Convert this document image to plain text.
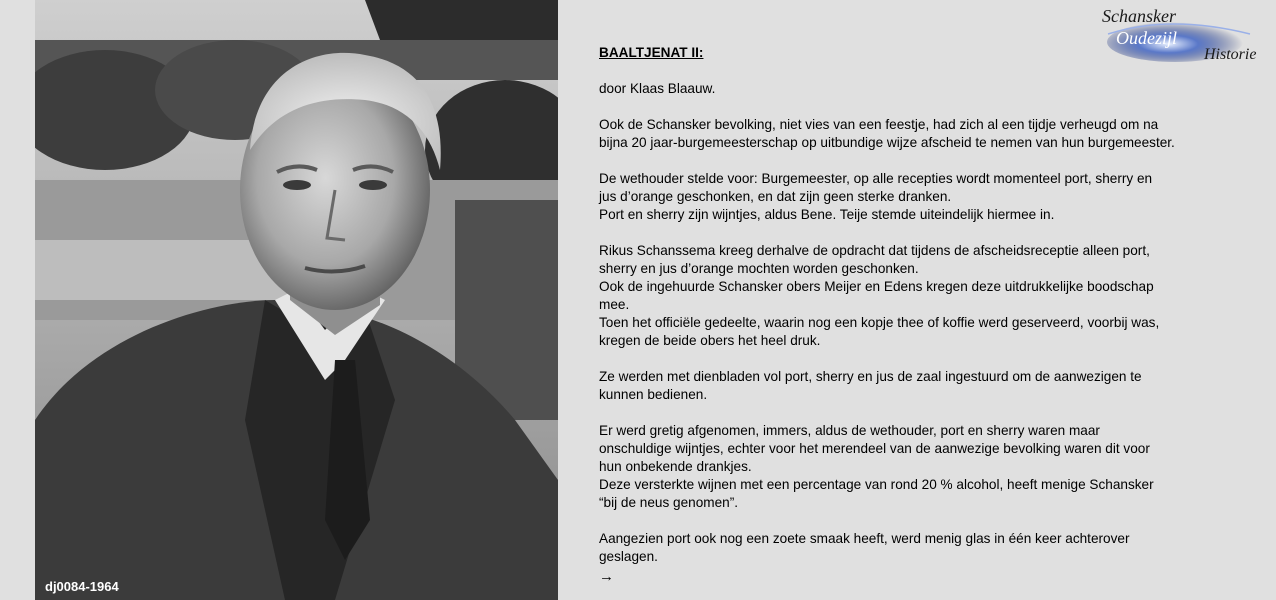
dj0084-1964
Schansker
Oudezijl
Historie

BAALTJENAT II:

door Klaas Blaauw.

Ook de Schansker bevolking, niet vies van een feestje, had zich al een tijdje verheugd om na
bijna 20 jaar-burgemeesterschap op uitbundige wijze afscheid te nemen van hun burgemeester.

De wethouder stelde voor: Burgemeester, op alle recepties wordt momenteel port, sherry en
jus d’orange geschonken, en dat zijn geen sterke dranken.
Port en sherry zijn wijntjes, aldus Bene. Teije stemde uiteindelijk hiermee in.

Rikus Schanssema kreeg derhalve de opdracht dat tijdens de afscheidsreceptie alleen port,
sherry en jus d’orange mochten worden geschonken.
Ook de ingehuurde Schansker obers Meijer en Edens kregen deze uitdrukkelijke boodschap
mee.
Toen het officiële gedeelte, waarin nog een kopje thee of koffie werd geserveerd, voorbij was,
kregen de beide obers het heel druk.

Ze werden met dienbladen vol port, sherry en jus de zaal ingestuurd om de aanwezigen te
kunnen bedienen.

Er werd gretig afgenomen, immers, aldus de wethouder, port en sherry waren maar
onschuldige wijntjes, echter voor het merendeel van de aanwezige bevolking waren dit voor
hun onbekende drankjes.
Deze versterkte wijnen met een percentage van rond 20 % alcohol, heeft menige Schansker
“bij de neus genomen”.

Aangezien port ook nog een zoete smaak heeft, werd menig glas in één keer achterover
geslagen.

→
